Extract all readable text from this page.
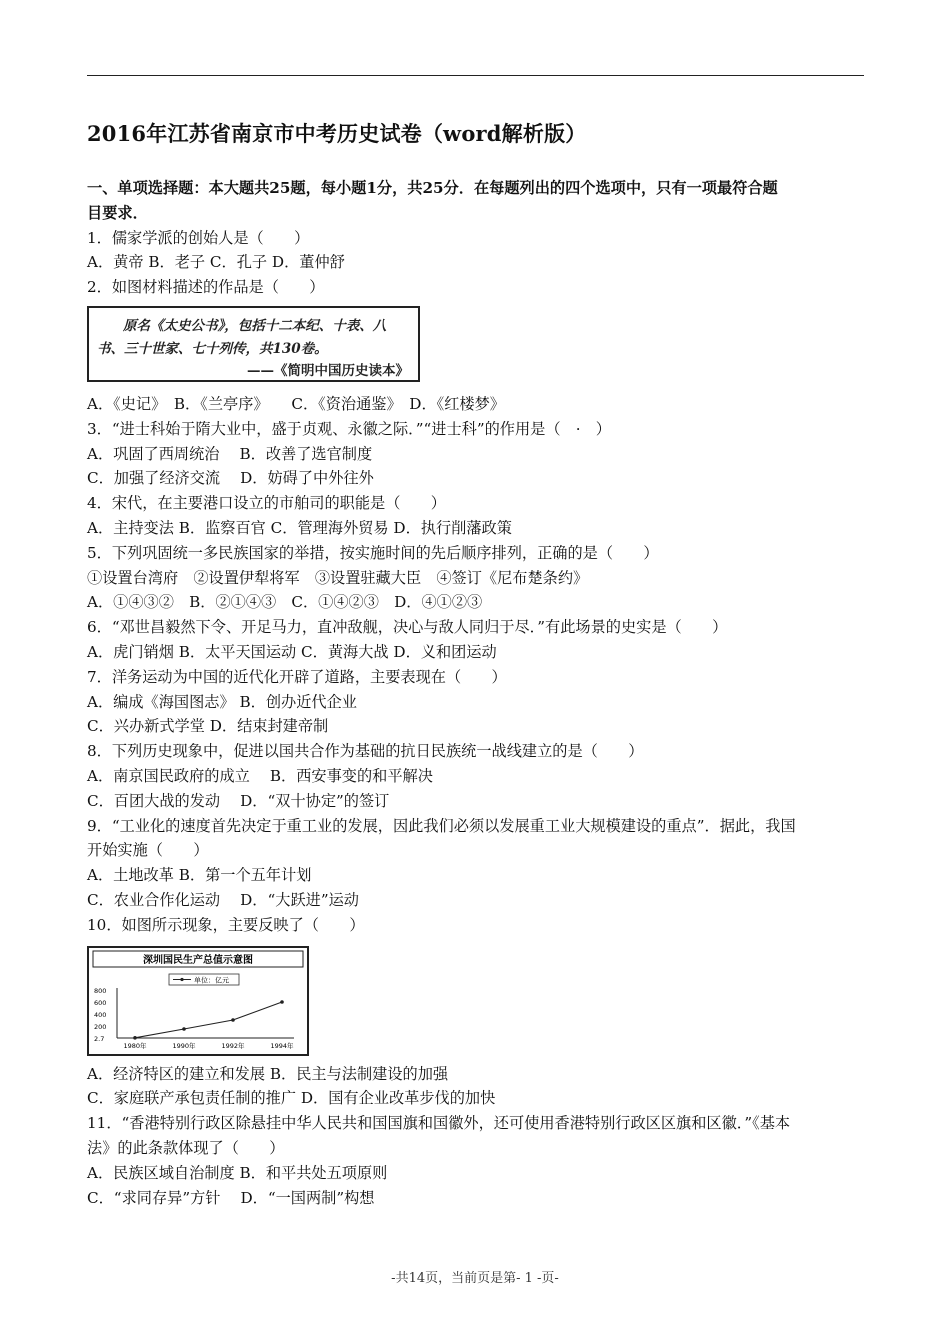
2016年江苏省南京市中考历史试卷（word解析版）
一、单项选择题：本大题共25题，每小题1分，共25分．在每题列出的四个选项中，只有一项最符合题
目要求．
1．儒家学派的创始人是（　　）
A．黄帝 B．老子 C．孔子 D．董仲舒
2．如图材料描述的作品是（　　）
原名《太史公书》，包括十二本纪、十表、八
书、三十世家、七十列传，共130卷。
——《简明中国历史读本》
A．《史记》　B．《兰亭序》　　C．《资治通鉴》　D．《红楼梦》
3．“进士科始于隋大业中，盛于贞观、永徽之际．”“进士科”的作用是（　·　）
A．巩固了西周统治　 B．改善了选官制度
C．加强了经济交流　 D．妨碍了中外往外
4．宋代，在主要港口设立的市舶司的职能是（　　）
A．主持变法 B．监察百官 C．管理海外贸易 D．执行削藩政策
5．下列巩固统一多民族国家的举措，按实施时间的先后顺序排列，正确的是（　　）
①设置台湾府　②设置伊犁将军　③设置驻藏大臣　④签订《尼布楚条约》
A．①④③②　B．②①④③　C．①④②③　D．④①②③
6．“邓世昌毅然下令、开足马力，直冲敌舰，决心与敌人同归于尽．”有此场景的史实是（　　）
A．虎门销烟 B．太平天国运动 C．黄海大战 D．义和团运动
7．洋务运动为中国的近代化开辟了道路，主要表现在（　　）
A．编成《海国图志》 B．创办近代企业
C．兴办新式学堂 D．结束封建帝制
8．下列历史现象中，促进以国共合作为基础的抗日民族统一战线建立的是（　　）
A．南京国民政府的成立　 B．西安事变的和平解决
C．百团大战的发动　 D．“双十协定”的签订
9．“工业化的速度首先决定于重工业的发展，因此我们必须以发展重工业大规模建设的重点”．据此，我国
开始实施（　　）
A．土地改革 B．第一个五年计划
C．农业合作化运动　 D．“大跃进”运动
10．如图所示现象，主要反映了（　　）
深圳国民生产总值示意图
单位：亿元
800
600
400
200
2.7
1980年	1990年	1992年	1994年
A．经济特区的建立和发展 B．民主与法制建设的加强
C．家庭联产承包责任制的推广 D．国有企业改革步伐的加快
11．“香港特别行政区除悬挂中华人民共和国国旗和国徽外，还可使用香港特别行政区区旗和区徽．”《基本
法》的此条款体现了（　　）
A．民族区域自治制度 B．和平共处五项原则
C．“求同存异”方针　 D．“一国两制”构想
-共14页，当前页是第- 1 -页-
